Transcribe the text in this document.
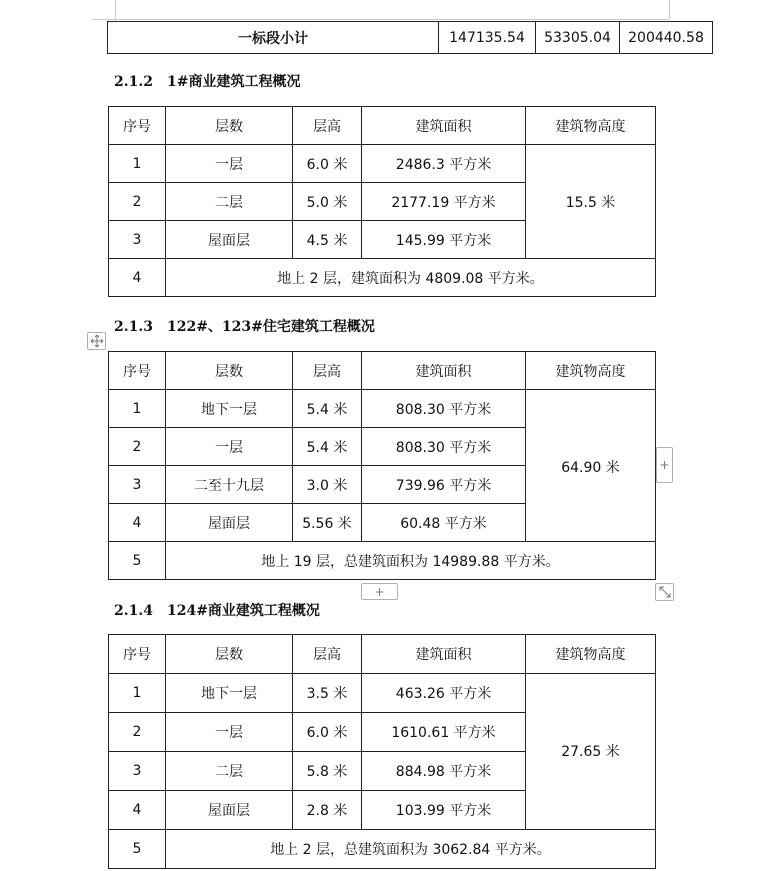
一标段小计	147135.54	53305.04	200440.58
2.1.2　1#商业建筑工程概况
序号	层数	层高	建筑面积	建筑物高度
1	一层	6.0 米	2486.3 平方米	15.5 米
2	二层	5.0 米	2177.19 平方米	
3	屋面层	4.5 米	145.99 平方米	
4	地上 2 层，建筑面积为 4809.08 平方米。			
2.1.3　122#、123#住宅建筑工程概况
序号	层数	层高	建筑面积	建筑物高度
1	地下一层	5.4 米	808.30 平方米	64.90 米
2	一层	5.4 米	808.30 平方米	
3	二至十九层	3.0 米	739.96 平方米	
4	屋面层	5.56 米	60.48 平方米	
5	地上 19 层，总建筑面积为 14989.88 平方米。			
+
+
2.1.4　124#商业建筑工程概况
序号	层数	层高	建筑面积	建筑物高度
1	地下一层	3.5 米	463.26 平方米	27.65 米
2	一层	6.0 米	1610.61 平方米	
3	二层	5.8 米	884.98 平方米	
4	屋面层	2.8 米	103.99 平方米	
5	地上 2 层，总建筑面积为 3062.84 平方米。			
